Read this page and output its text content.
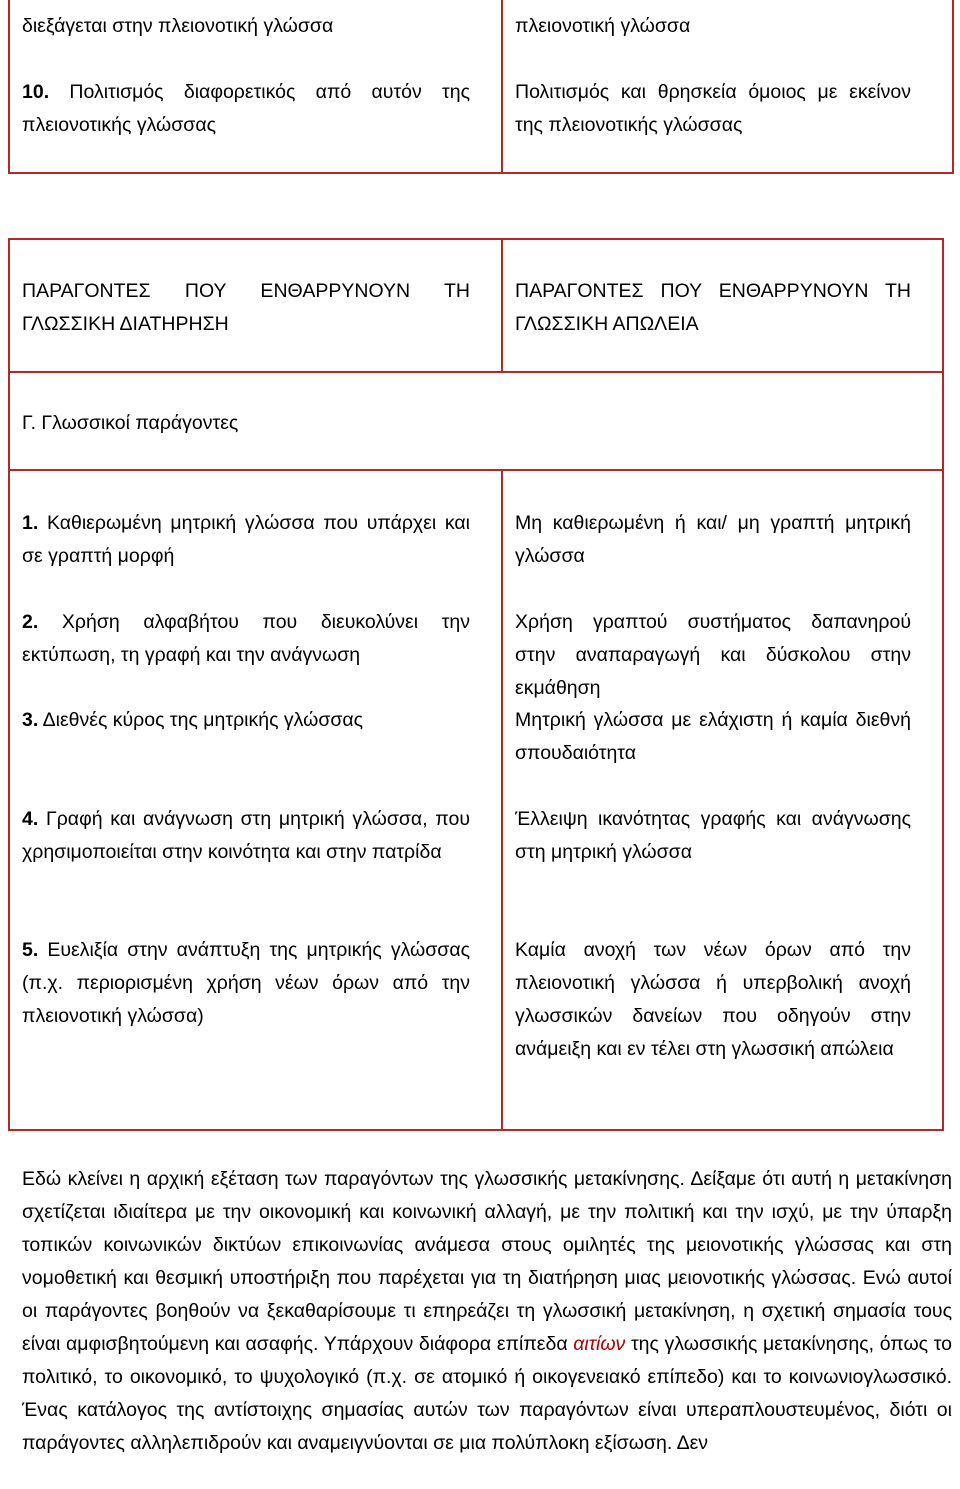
διεξάγεται στην πλειονοτική γλώσσα	πλειονοτική γλώσσα
10. Πολιτισμός διαφορετικός από αυτόν της πλειονοτικής γλώσσας
Πολιτισμός και θρησκεία όμοιος με εκείνον της πλειονοτικής γλώσσας
ΠΑΡΑΓΟΝΤΕΣ ΠΟΥ ΕΝΘΑΡΡΥΝΟΥΝ ΤΗ ΓΛΩΣΣΙΚΗ ΔΙΑΤΗΡΗΣΗ
ΠΑΡΑΓΟΝΤΕΣ ΠΟΥ ΕΝΘΑΡΡΥΝΟΥΝ ΤΗ ΓΛΩΣΣΙΚΗ ΑΠΩΛΕΙΑ
Γ. Γλωσσικοί παράγοντες
1. Καθιερωμένη μητρική γλώσσα που υπάρχει και σε γραπτή μορφή
Μη καθιερωμένη ή και/ μη γραπτή μητρική γλώσσα
2. Χρήση αλφαβήτου που διευκολύνει την εκτύπωση, τη γραφή και την ανάγνωση
Χρήση γραπτού συστήματος δαπανηρού στην αναπαραγωγή και δύσκολου στην εκμάθηση
3. Διεθνές κύρος της μητρικής γλώσσας	Μητρική γλώσσα με ελάχιστη ή καμία διεθνή σπουδαιότητα
4. Γραφή και ανάγνωση στη μητρική γλώσσα, που χρησιμοποιείται στην κοινότητα και στην πατρίδα
Έλλειψη ικανότητας γραφής και ανάγνωσης στη μητρική γλώσσα
5. Ευελιξία στην ανάπτυξη της μητρικής γλώσσας (π.χ. περιορισμένη χρήση νέων όρων από την πλειονοτική γλώσσα)
Καμία ανοχή των νέων όρων από την πλειονοτική γλώσσα ή υπερβολική ανοχή γλωσσικών δανείων που οδηγούν στην ανάμειξη και εν τέλει στη γλωσσική απώλεια
Εδώ κλείνει η αρχική εξέταση των παραγόντων της γλωσσικής μετακίνησης. Δείξαμε ότι αυτή η μετακίνηση σχετίζεται ιδιαίτερα με την οικονομική και κοινωνική αλλαγή, με την πολιτική και την ισχύ, με την ύπαρξη τοπικών κοινωνικών δικτύων επικοινωνίας ανάμεσα στους ομιλητές της μειονοτικής γλώσσας και στη νομοθετική και θεσμική υποστήριξη που παρέχεται για τη διατήρηση μιας μειονοτικής γλώσσας. Ενώ αυτοί οι παράγοντες βοηθούν να ξεκαθαρίσουμε τι επηρεάζει τη γλωσσική μετακίνηση, η σχετική σημασία τους είναι αμφισβητούμενη και ασαφής. Υπάρχουν διάφορα επίπεδα αιτίων της γλωσσικής μετακίνησης, όπως το πολιτικό, το οικονομικό, το ψυχολογικό (π.χ. σε ατομικό ή οικογενειακό επίπεδο) και το κοινωνιογλωσσικό. Ένας κατάλογος της αντίστοιχης σημασίας αυτών των παραγόντων είναι υπεραπλουστευμένος, διότι οι παράγοντες αλληλεπιδρούν και αναμειγνύονται σε μια πολύπλοκη εξίσωση. Δεν
